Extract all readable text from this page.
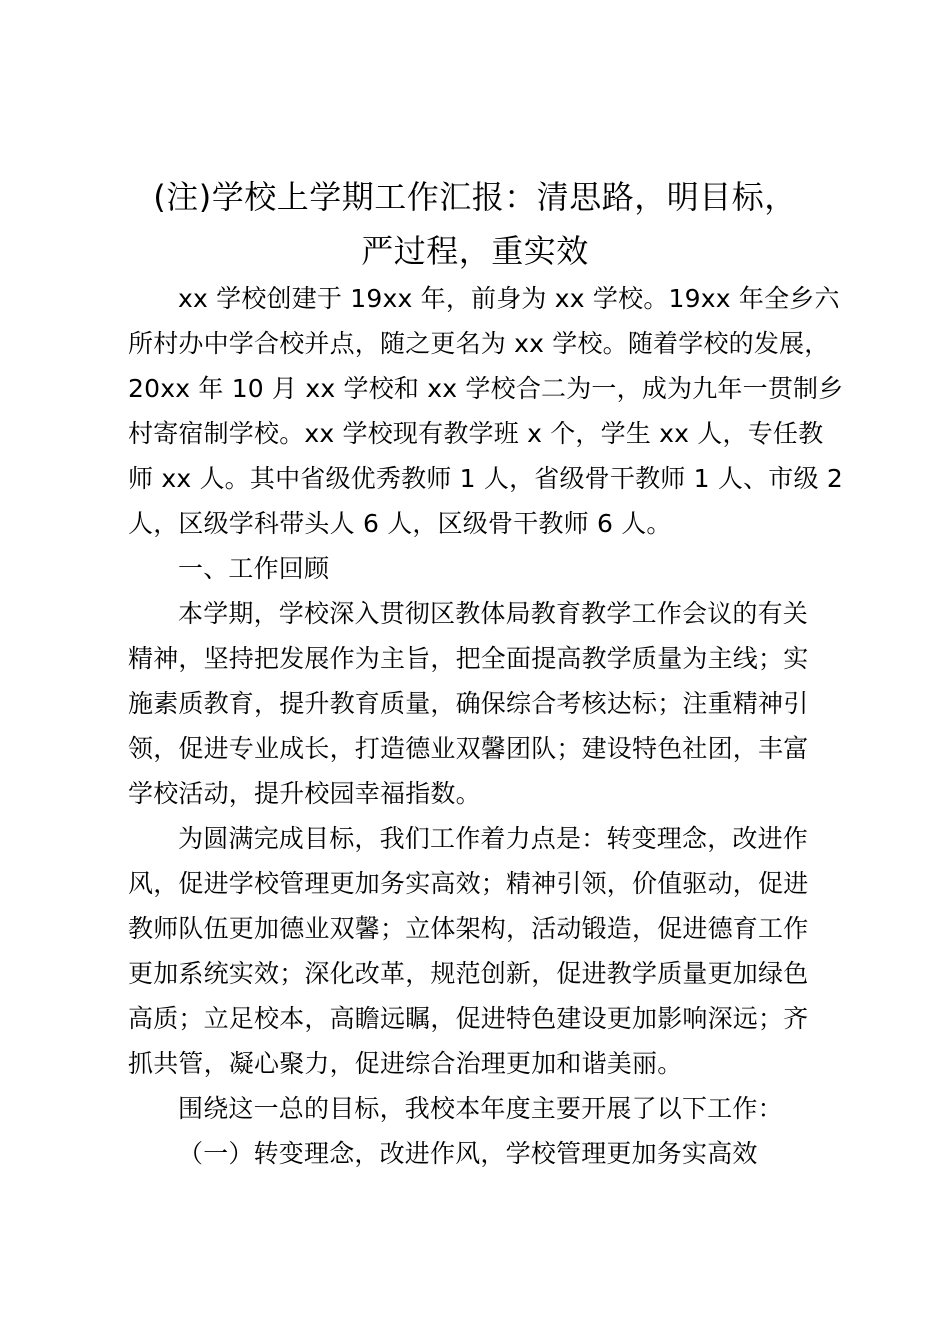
(注)学校上学期工作汇报：清思路，明目标，
严过程，重实效
xx 学校创建于 19xx 年，前身为 xx 学校。19xx 年全乡六
所村办中学合校并点，随之更名为 xx 学校。随着学校的发展，
20xx 年 10 月 xx 学校和 xx 学校合二为一，成为九年一贯制乡
村寄宿制学校。xx 学校现有教学班 x 个，学生 xx 人，专任教
师 xx 人。其中省级优秀教师 1 人，省级骨干教师 1 人、市级 2
人，区级学科带头人 6 人，区级骨干教师 6 人。
一、工作回顾
本学期，学校深入贯彻区教体局教育教学工作会议的有关
精神，坚持把发展作为主旨，把全面提高教学质量为主线；实
施素质教育，提升教育质量，确保综合考核达标；注重精神引
领，促进专业成长，打造德业双馨团队；建设特色社团，丰富
学校活动，提升校园幸福指数。
为圆满完成目标，我们工作着力点是：转变理念，改进作
风，促进学校管理更加务实高效；精神引领，价值驱动，促进
教师队伍更加德业双馨；立体架构，活动锻造，促进德育工作
更加系统实效；深化改革，规范创新，促进教学质量更加绿色
高质；立足校本，高瞻远瞩，促进特色建设更加影响深远；齐
抓共管，凝心聚力，促进综合治理更加和谐美丽。
围绕这一总的目标，我校本年度主要开展了以下工作：
（一）转变理念，改进作风，学校管理更加务实高效
